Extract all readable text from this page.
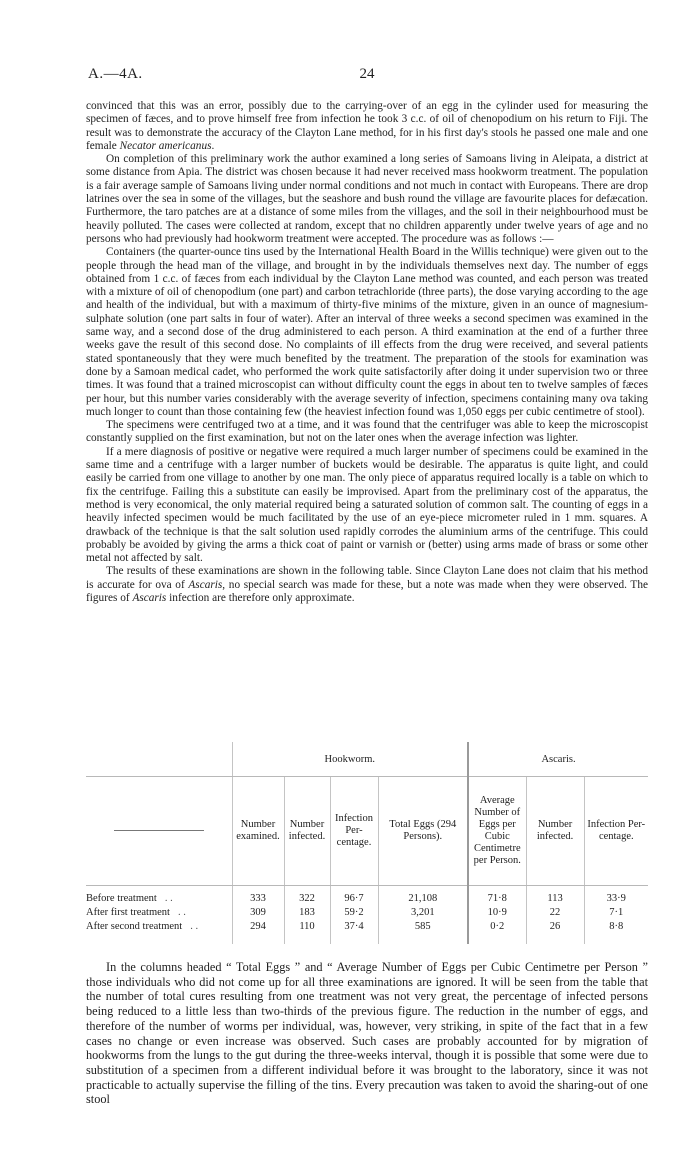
A.—4A.	24

convinced that this was an error, possibly due to the carrying-over of an egg in the cylinder used for measuring the specimen of fæces, and to prove himself free from infection he took 3 c.c. of oil of chenopodium on his return to Fiji. The result was to demonstrate the accuracy of the Clayton Lane method, for in his first day's stools he passed one male and one female Necator americanus.

On completion of this preliminary work the author examined a long series of Samoans living in Aleipata, a district at some distance from Apia. The district was chosen because it had never received mass hookworm treatment. The population is a fair average sample of Samoans living under normal conditions and not much in contact with Europeans. There are drop latrines over the sea in some of the villages, but the seashore and bush round the village are favourite places for defæcation. Furthermore, the taro patches are at a distance of some miles from the villages, and the soil in their neighbourhood must be heavily polluted. The cases were collected at random, except that no children apparently under twelve years of age and no persons who had previously had hookworm treatment were accepted. The procedure was as follows :—

Containers (the quarter-ounce tins used by the International Health Board in the Willis technique) were given out to the people through the head man of the village, and brought in by the individuals themselves next day. The number of eggs obtained from 1 c.c. of fæces from each individual by the Clayton Lane method was counted, and each person was treated with a mixture of oil of chenopodium (one part) and carbon tetrachloride (three parts), the dose varying according to the age and health of the individual, but with a maximum of thirty-five minims of the mixture, given in an ounce of magnesium-sulphate solution (one part salts in four of water). After an interval of three weeks a second specimen was examined in the same way, and a second dose of the drug administered to each person. A third examination at the end of a further three weeks gave the result of this second dose. No complaints of ill effects from the drug were received, and several patients stated spontaneously that they were much benefited by the treatment. The preparation of the stools for examination was done by a Samoan medical cadet, who performed the work quite satisfactorily after doing it under supervision two or three times. It was found that a trained microscopist can without difficulty count the eggs in about ten to twelve samples of fæces per hour, but this number varies considerably with the average severity of infection, specimens containing many ova taking much longer to count than those containing few (the heaviest infection found was 1,050 eggs per cubic centimetre of stool).

The specimens were centrifuged two at a time, and it was found that the centrifuger was able to keep the microscopist constantly supplied on the first examination, but not on the later ones when the average infection was lighter.

If a mere diagnosis of positive or negative were required a much larger number of specimens could be examined in the same time and a centrifuge with a larger number of buckets would be desirable. The apparatus is quite light, and could easily be carried from one village to another by one man. The only piece of apparatus required locally is a table on which to fix the centrifuge. Failing this a substitute can easily be improvised. Apart from the preliminary cost of the apparatus, the method is very economical, the only material required being a saturated solution of common salt. The counting of eggs in a heavily infected specimen would be much facilitated by the use of an eye-piece micrometer ruled in 1 mm. squares. A drawback of the technique is that the salt solution used rapidly corrodes the aluminium arms of the centrifuge. This could probably be avoided by giving the arms a thick coat of paint or varnish or (better) using arms made of brass or some other metal not affected by salt.

The results of these examinations are shown in the following table. Since Clayton Lane does not claim that his method is accurate for ova of Ascaris, no special search was made for these, but a note was made when they were observed. The figures of Ascaris infection are therefore only approximate.

	Hookworm.				Ascaris.		
	Number examined.	Number infected.	Infection Per-centage.	Total Eggs (294 Persons).	Average Number of Eggs per Cubic Centimetre per Person.	Number infected.	Infection Per-centage.

Before treatment . .	333	322	96·7	21,108	71·8	113	33·9
After first treatment . .	309	183	59·2	3,201	10·9	22	7·1
After second treatment . .	294	110	37·4	585	0·2	26	8·8

In the columns headed “ Total Eggs ” and “ Average Number of Eggs per Cubic Centimetre per Person ” those individuals who did not come up for all three examinations are ignored. It will be seen from the table that the number of total cures resulting from one treatment was not very great, the percentage of infected persons being reduced to a little less than two-thirds of the previous figure. The reduction in the number of eggs, and therefore of the number of worms per individual, was, however, very striking, in spite of the fact that in a few cases no change or even increase was observed. Such cases are probably accounted for by migration of hookworms from the lungs to the gut during the three-weeks interval, though it is possible that some were due to substitution of a specimen from a different individual before it was brought to the laboratory, since it was not practicable to actually supervise the filling of the tins. Every precaution was taken to avoid the sharing-out of one stool
